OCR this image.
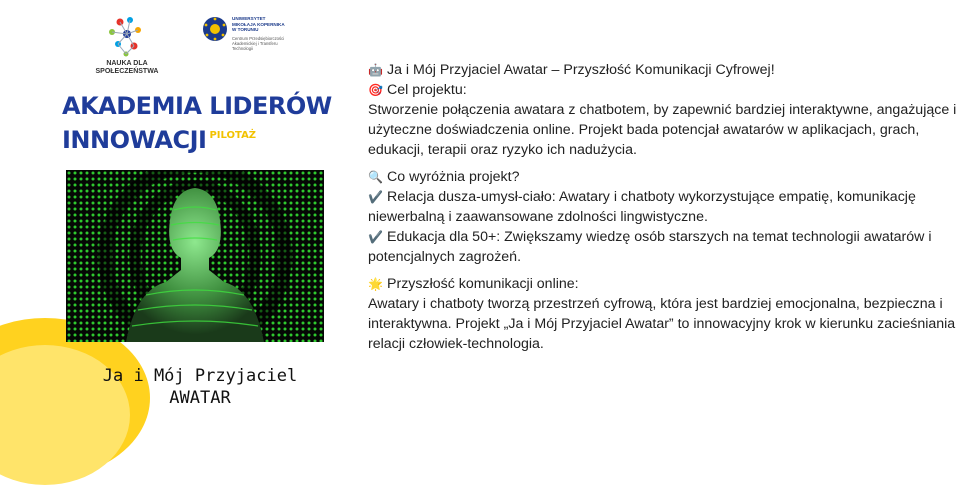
NAUKA DLA
SPOŁECZEŃSTWA
UNIWERSYTET
MIKOŁAJA KOPERNIKA
W TORUNIU
Centrum Przedsiębiorczości
Akademickiej i Transferu
Technologii
AKADEMIA LIDERÓW
INNOWACJI PILOTAŻ
Ja i Mój Przyjaciel
AWATAR

🤖 Ja i Mój Przyjaciel Awatar – Przyszłość Komunikacji Cyfrowej!

🎯 Cel projektu:

Stworzenie połączenia awatara z chatbotem, by zapewnić bardziej interaktywne, angażujące i użyteczne doświadczenia online. Projekt bada potencjał awatarów w aplikacjach, grach, edukacji, terapii oraz ryzyko ich nadużycia.

🔍 Co wyróżnia projekt?

✔️ Relacja dusza-umysł-ciało: Awatary i chatboty wykorzystujące empatię, komunikację niewerbalną i zaawansowane zdolności lingwistyczne.

✔️ Edukacja dla 50+: Zwiększamy wiedzę osób starszych na temat technologii awatarów i potencjalnych zagrożeń.

🌟 Przyszłość komunikacji online:

Awatary i chatboty tworzą przestrzeń cyfrową, która jest bardziej emocjonalna, bezpieczna i interaktywna. Projekt „Ja i Mój Przyjaciel Awatar” to innowacyjny krok w kierunku zacieśniania relacji człowiek-technologia.
